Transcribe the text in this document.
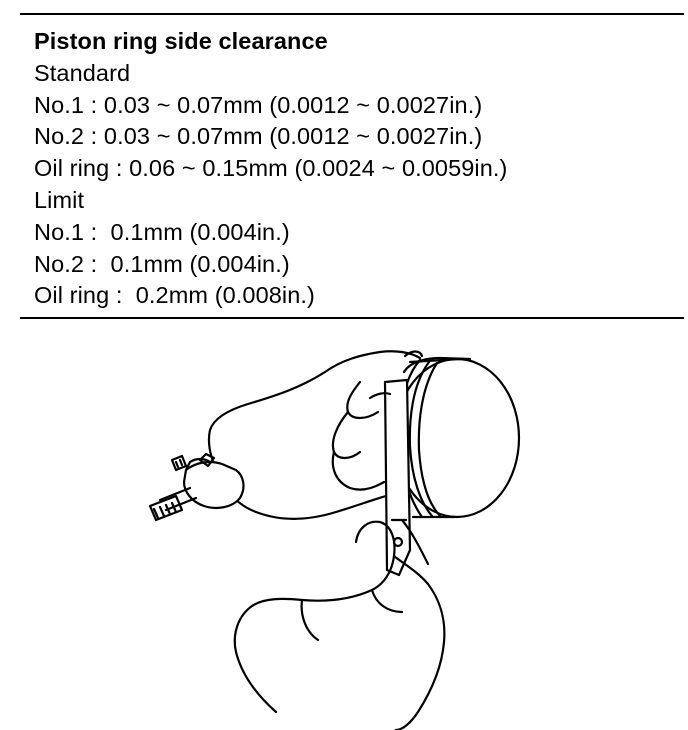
Piston ring side clearance
Standard
No.1 : 0.03 ~ 0.07mm (0.0012 ~ 0.0027in.)
No.2 : 0.03 ~ 0.07mm (0.0012 ~ 0.0027in.)
Oil ring : 0.06 ~ 0.15mm (0.0024 ~ 0.0059in.)
Limit
No.1 :  0.1mm (0.004in.)
No.2 :  0.1mm (0.004in.)
Oil ring :  0.2mm (0.008in.)
